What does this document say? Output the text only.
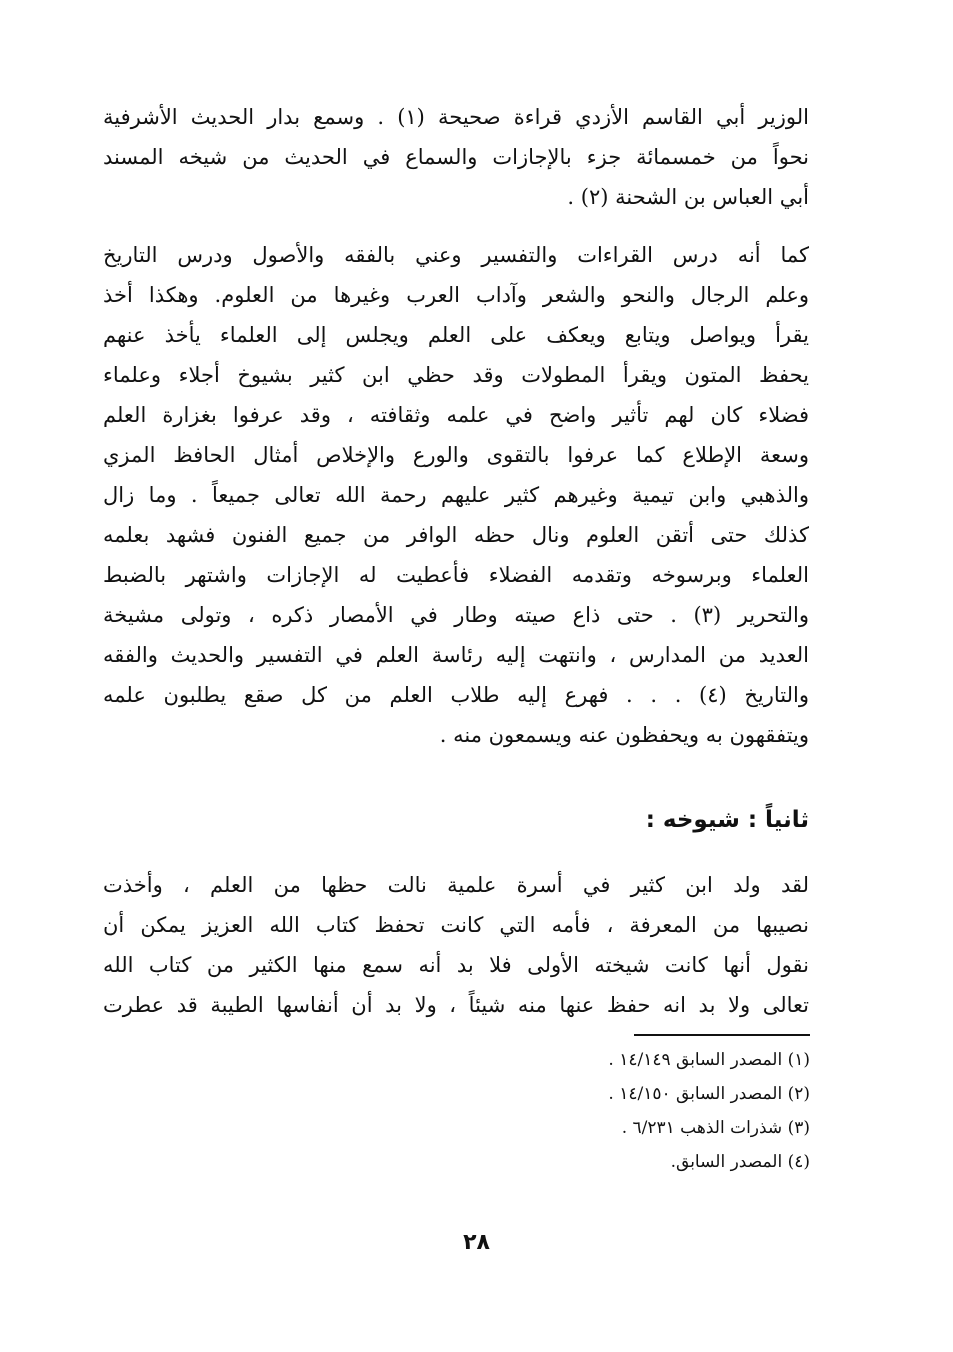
الوزير أبي القاسم الأزدي قراءة صحيحة (١) . وسمع بدار الحديث الأشرفية
نحواً من خمسمائة جزء بالإجازات والسماع في الحديث من شيخه المسند
أبي العباس بن الشحنة (٢) .
كما أنه درس القراءات والتفسير وعني بالفقه والأصول ودرس التاريخ
وعلم الرجال والنحو والشعر وآداب العرب وغيرها من العلوم. وهكذا أخذ
يقرأ ويواصل ويتابع ويعكف على العلم ويجلس إلى العلماء يأخذ عنهم
يحفظ المتون ويقرأ المطولات وقد حظي ابن كثير بشيوخ أجلاء وعلماء
فضلاء كان لهم تأثير واضح في علمه وثقافته ، وقد عرفوا بغزارة العلم
وسعة الإطلاع كما عرفوا بالتقوى والورع والإخلاص أمثال الحافظ المزي
والذهبي وابن تيمية وغيرهم كثير عليهم رحمة الله تعالى جميعاً . وما زال
كذلك حتى أتقن العلوم ونال حظه الوافر من جميع الفنون فشهد بعلمه
العلماء وبرسوخه وتقدمه الفضلاء فأعطيت له الإجازات واشتهر بالضبط
والتحرير (٣) . حتى ذاع صيته وطار في الأمصار ذكره ، وتولى مشيخة
العديد من المدارس ، وانتهت إليه رئاسة العلم في التفسير والحديث والفقه
والتاريخ (٤) . . . فهرع إليه طلاب العلم من كل صقع يطلبون علمه
ويتفقهون به ويحفظون عنه ويسمعون منه .
ثانياً : شيوخه :
لقد ولد ابن كثير في أسرة علمية نالت حظها من العلم ، وأخذت
نصيبها من المعرفة ، فأمه التي كانت تحفظ كتاب الله العزيز يمكن أن
نقول أنها كانت شيخته الأولى فلا بد أنه سمع منها الكثير من كتاب الله
تعالى ولا بد انه حفظ عنها منه شيئاً ، ولا بد أن أنفاسها الطيبة قد عطرت
(١) المصدر السابق ١٤/١٤٩ .
(٢) المصدر السابق ١٤/١٥٠ .
(٣) شذرات الذهب ٦/٢٣١ .
(٤) المصدر السابق.
٢٨
